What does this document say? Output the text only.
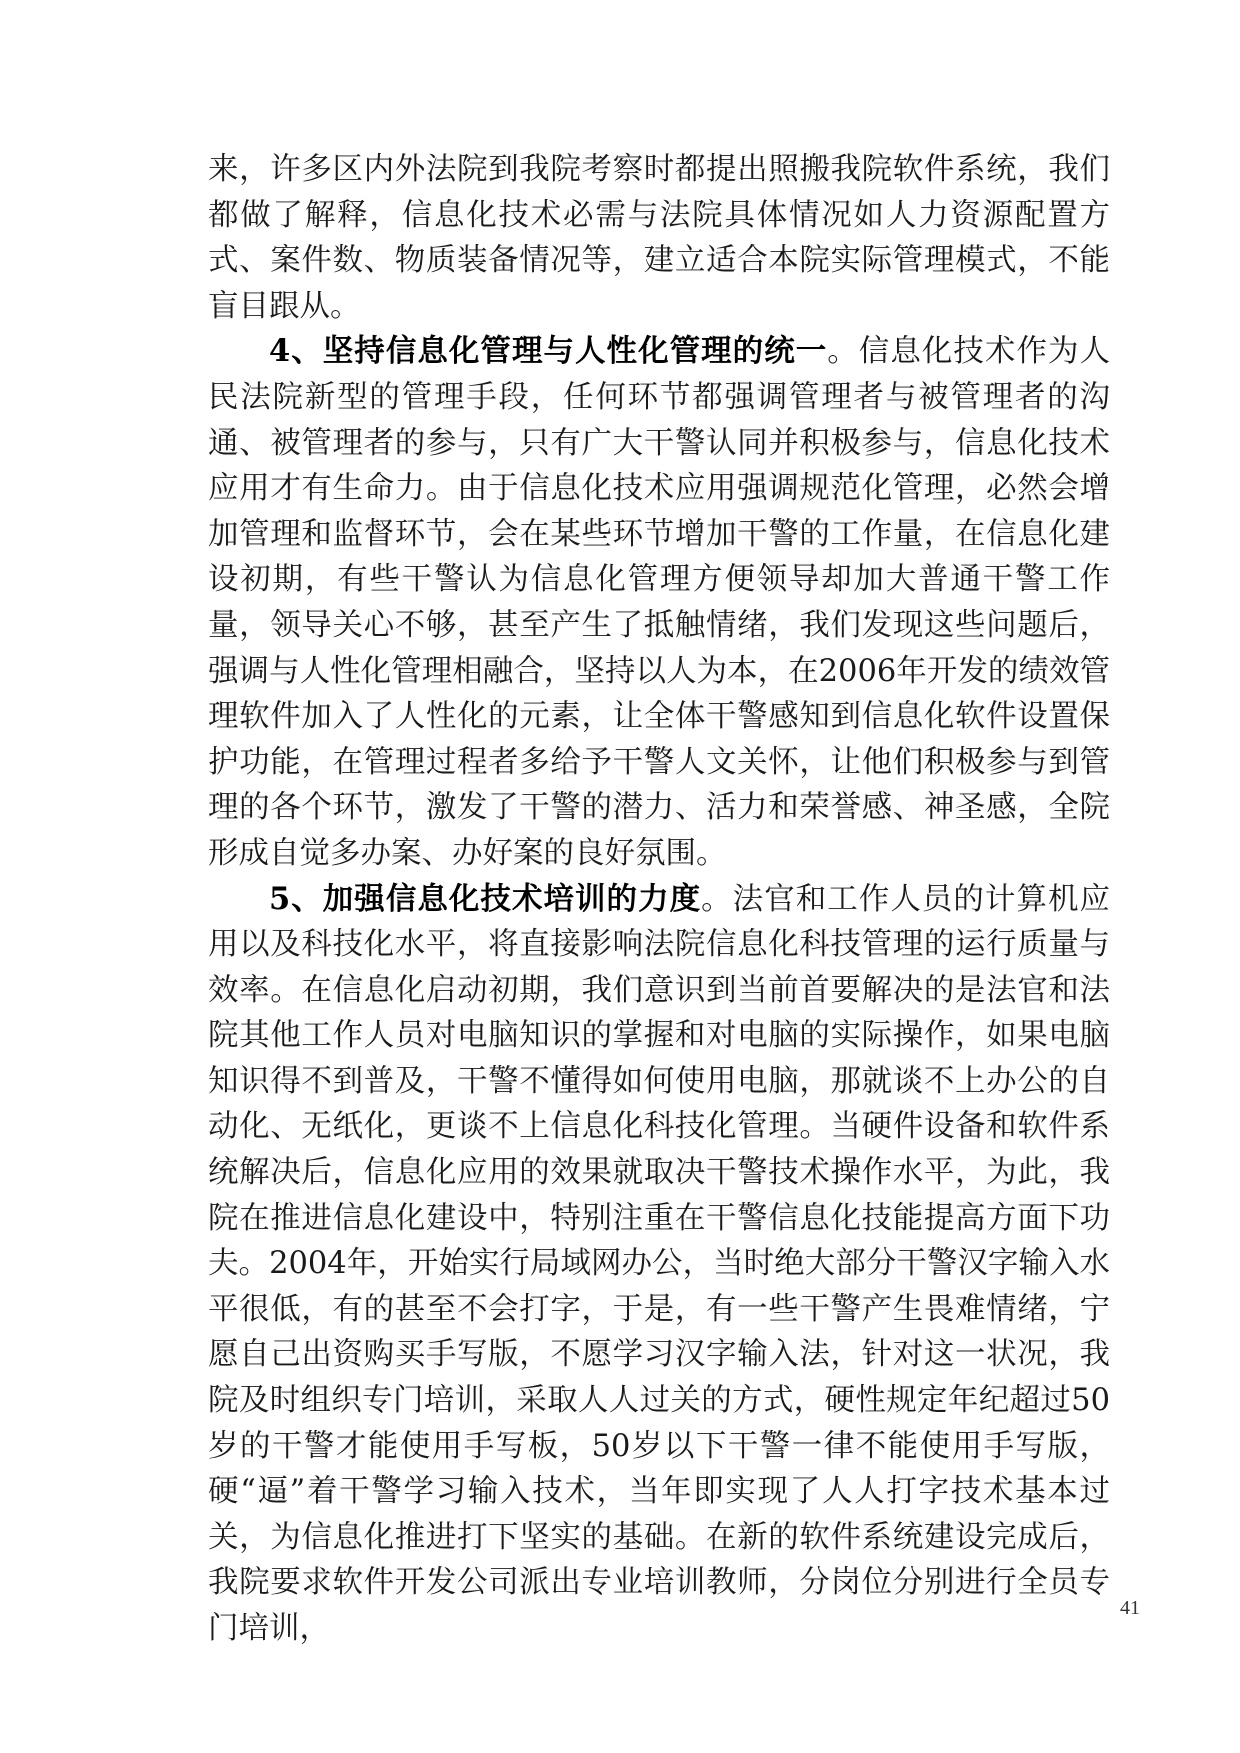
来，许多区内外法院到我院考察时都提出照搬我院软件系统，我们都做了解释，信息化技术必需与法院具体情况如人力资源配置方式、案件数、物质装备情况等，建立适合本院实际管理模式，不能盲目跟从。

4、坚持信息化管理与人性化管理的统一。信息化技术作为人民法院新型的管理手段，任何环节都强调管理者与被管理者的沟通、被管理者的参与，只有广大干警认同并积极参与，信息化技术应用才有生命力。由于信息化技术应用强调规范化管理，必然会增加管理和监督环节，会在某些环节增加干警的工作量，在信息化建设初期，有些干警认为信息化管理方便领导却加大普通干警工作量，领导关心不够，甚至产生了抵触情绪，我们发现这些问题后，强调与人性化管理相融合，坚持以人为本，在2006年开发的绩效管理软件加入了人性化的元素，让全体干警感知到信息化软件设置保护功能，在管理过程者多给予干警人文关怀，让他们积极参与到管理的各个环节，激发了干警的潜力、活力和荣誉感、神圣感，全院形成自觉多办案、办好案的良好氛围。

5、加强信息化技术培训的力度。法官和工作人员的计算机应用以及科技化水平，将直接影响法院信息化科技管理的运行质量与效率。在信息化启动初期，我们意识到当前首要解决的是法官和法院其他工作人员对电脑知识的掌握和对电脑的实际操作，如果电脑知识得不到普及，干警不懂得如何使用电脑，那就谈不上办公的自动化、无纸化，更谈不上信息化科技化管理。当硬件设备和软件系统解决后，信息化应用的效果就取决干警技术操作水平，为此，我院在推进信息化建设中，特别注重在干警信息化技能提高方面下功夫。2004年，开始实行局域网办公，当时绝大部分干警汉字输入水平很低，有的甚至不会打字，于是，有一些干警产生畏难情绪，宁愿自己出资购买手写版，不愿学习汉字输入法，针对这一状况，我院及时组织专门培训，采取人人过关的方式，硬性规定年纪超过50岁的干警才能使用手写板，50岁以下干警一律不能使用手写版，硬“逼”着干警学习输入技术，当年即实现了人人打字技术基本过关，为信息化推进打下坚实的基础。在新的软件系统建设完成后，我院要求软件开发公司派出专业培训教师，分岗位分别进行全员专门培训，

41
